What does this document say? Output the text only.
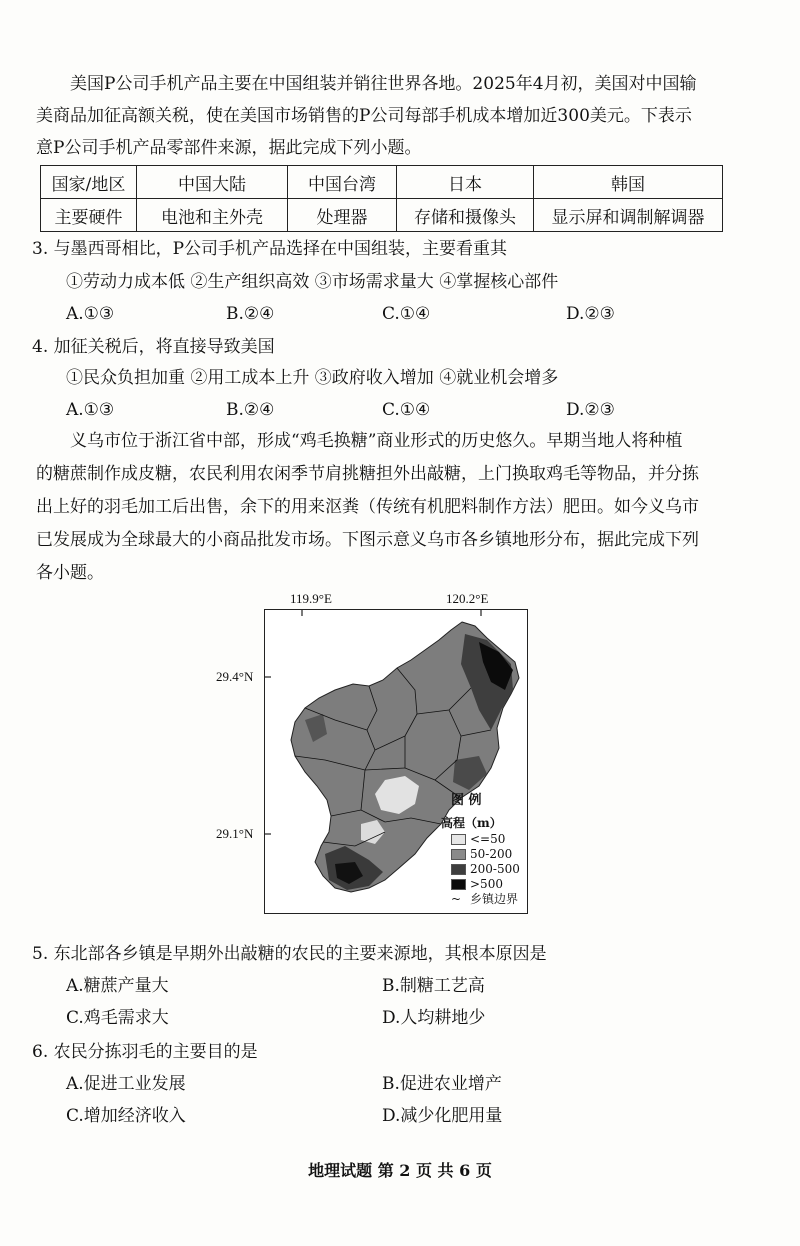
美国P公司手机产品主要在中国组装并销往世界各地。2025年4月初，美国对中国输
美商品加征高额关税，使在美国市场销售的P公司每部手机成本增加近300美元。下表示
意P公司手机产品零部件来源，据此完成下列小题。
国家/地区	中国大陆	中国台湾	日本	韩国
主要硬件	电池和主外壳	处理器	存储和摄像头	显示屏和调制解调器
3. 与墨西哥相比，P公司手机产品选择在中国组装，主要看重其
①劳动力成本低 ②生产组织高效 ③市场需求量大 ④掌握核心部件
A.①③	B.②④	C.①④	D.②③
4. 加征关税后，将直接导致美国
①民众负担加重 ②用工成本上升 ③政府收入增加 ④就业机会增多
A.①③	B.②④	C.①④	D.②③
义乌市位于浙江省中部，形成“鸡毛换糖”商业形式的历史悠久。早期当地人将种植
的糖蔗制作成皮糖，农民利用农闲季节肩挑糖担外出敲糖，上门换取鸡毛等物品，并分拣
出上好的羽毛加工后出售，余下的用来沤粪（传统有机肥料制作方法）肥田。如今义乌市
已发展成为全球最大的小商品批发市场。下图示意义乌市各乡镇地形分布，据此完成下列
各小题。
119.9°E	120.2°E
29.4°N
29.1°N
图 例
高程（m）
<=50
50-200
200-500
>500
~ 乡镇边界
5. 东北部各乡镇是早期外出敲糖的农民的主要来源地，其根本原因是
A.糖蔗产量大	B.制糖工艺高
C.鸡毛需求大	D.人均耕地少
6. 农民分拣羽毛的主要目的是
A.促进工业发展	B.促进农业增产
C.增加经济收入	D.减少化肥用量
地理试题 第 2 页 共 6 页
